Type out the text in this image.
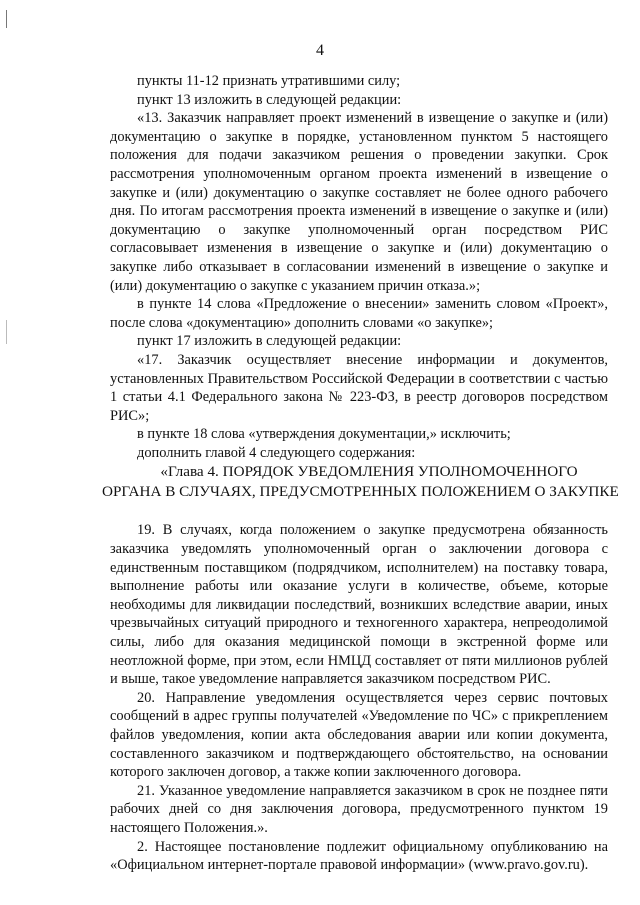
4

пункты 11-12 признать утратившими силу;

пункт 13 изложить в следующей редакции:

«13. Заказчик направляет проект изменений в извещение о закупке и (или) документацию о закупке в порядке, установленном пунктом 5 настоящего положения для подачи заказчиком решения о проведении закупки. Срок рассмотрения уполномоченным органом проекта изменений в извещение о закупке и (или) документацию о закупке составляет не более одного рабочего дня. По итогам рассмотрения проекта изменений в извещение о закупке и (или) документацию о закупке уполномоченный орган посредством РИС согласовывает изменения в извещение о закупке и (или) документацию о закупке либо отказывает в согласовании изменений в извещение о закупке и (или) документацию о закупке с указанием причин отказа.»;

в пункте 14 слова «Предложение о внесении» заменить словом «Проект», после слова «документацию» дополнить словами «о закупке»;

пункт 17 изложить в следующей редакции:

«17. Заказчик осуществляет внесение информации и документов, установленных Правительством Российской Федерации в соответствии с частью 1 статьи 4.1 Федерального закона № 223-ФЗ, в реестр договоров посредством РИС»;

в пункте 18 слова «утверждения документации,» исключить;

дополнить главой 4 следующего содержания:

«Глава 4. ПОРЯДОК УВЕДОМЛЕНИЯ УПОЛНОМОЧЕННОГО
ОРГАНА В СЛУЧАЯХ, ПРЕДУСМОТРЕННЫХ ПОЛОЖЕНИЕМ О ЗАКУПКЕ

19. В случаях, когда положением о закупке предусмотрена обязанность заказчика уведомлять уполномоченный орган о заключении договора с единственным поставщиком (подрядчиком, исполнителем) на поставку товара, выполнение работы или оказание услуги в количестве, объеме, которые необходимы для ликвидации последствий, возникших вследствие аварии, иных чрезвычайных ситуаций природного и техногенного характера, непреодолимой силы, либо для оказания медицинской помощи в экстренной форме или неотложной форме, при этом, если НМЦД составляет от пяти миллионов рублей и выше, такое уведомление направляется заказчиком посредством РИС.

20. Направление уведомления осуществляется через сервис почтовых сообщений в адрес группы получателей «Уведомление по ЧС» с прикреплением файлов уведомления, копии акта обследования аварии или копии документа, составленного заказчиком и подтверждающего обстоятельство, на основании которого заключен договор, а также копии заключенного договора.

21. Указанное уведомление направляется заказчиком в срок не позднее пяти рабочих дней со дня заключения договора, предусмотренного пунктом 19 настоящего Положения.».

2. Настоящее постановление подлежит официальному опубликованию на «Официальном интернет-портале правовой информации» (www.pravo.gov.ru).
